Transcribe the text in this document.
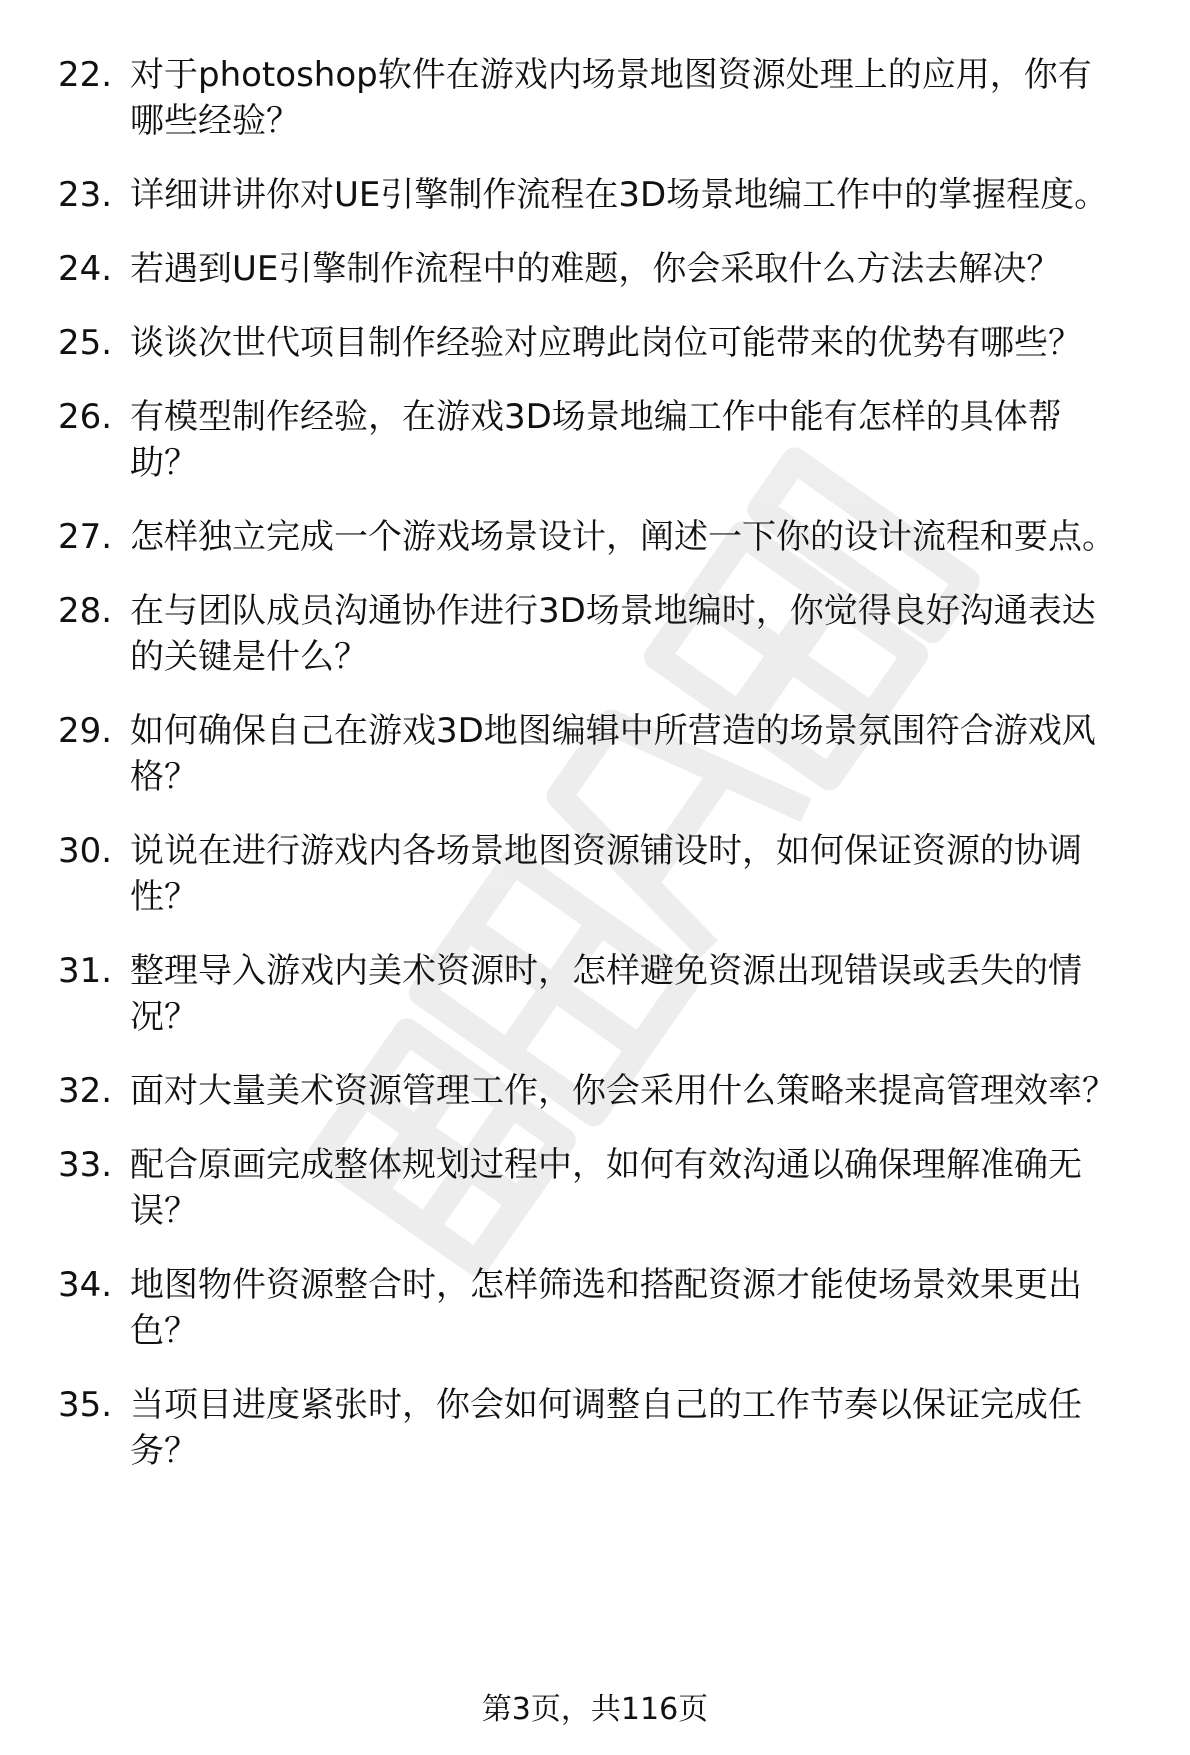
22. 对于photoshop软件在游戏内场景地图资源处理上的应用，你有哪些经验？
23. 详细讲讲你对UE引擎制作流程在3D场景地编工作中的掌握程度。
24. 若遇到UE引擎制作流程中的难题，你会采取什么方法去解决？
25. 谈谈次世代项目制作经验对应聘此岗位可能带来的优势有哪些？
26. 有模型制作经验，在游戏3D场景地编工作中能有怎样的具体帮助？
27. 怎样独立完成一个游戏场景设计，阐述一下你的设计流程和要点。
28. 在与团队成员沟通协作进行3D场景地编时，你觉得良好沟通表达的关键是什么？
29. 如何确保自己在游戏3D地图编辑中所营造的场景氛围符合游戏风格？
30. 说说在进行游戏内各场景地图资源铺设时，如何保证资源的协调性？
31. 整理导入游戏内美术资源时，怎样避免资源出现错误或丢失的情况？
32. 面对大量美术资源管理工作，你会采用什么策略来提高管理效率？
33. 配合原画完成整体规划过程中，如何有效沟通以确保理解准确无误？
34. 地图物件资源整合时，怎样筛选和搭配资源才能使场景效果更出色？
35. 当项目进度紧张时，你会如何调整自己的工作节奏以保证完成任务？
第3页，共116页
